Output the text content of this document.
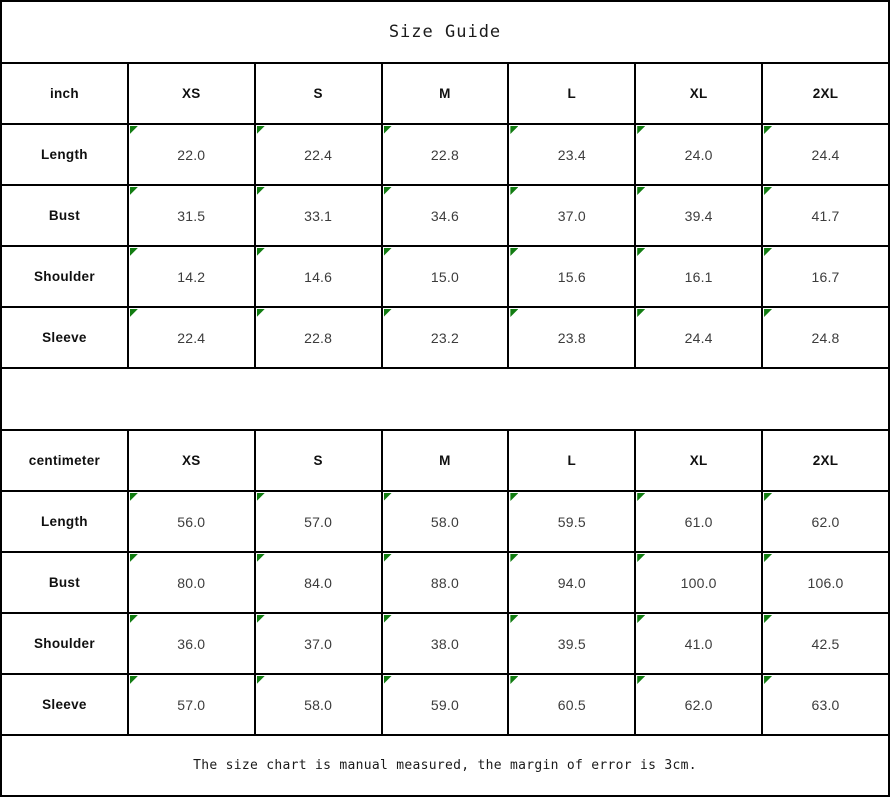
Size Guide						
inch	XS	S	M	L	XL	2XL
Length	22.0	22.4	22.8	23.4	24.0	24.4
Bust	31.5	33.1	34.6	37.0	39.4	41.7
Shoulder	14.2	14.6	15.0	15.6	16.1	16.7
Sleeve	22.4	22.8	23.2	23.8	24.4	24.8

centimeter	XS	S	M	L	XL	2XL
Length	56.0	57.0	58.0	59.5	61.0	62.0
Bust	80.0	84.0	88.0	94.0	100.0	106.0
Shoulder	36.0	37.0	38.0	39.5	41.0	42.5
Sleeve	57.0	58.0	59.0	60.5	62.0	63.0
The size chart is manual measured, the margin of error is 3cm.						
